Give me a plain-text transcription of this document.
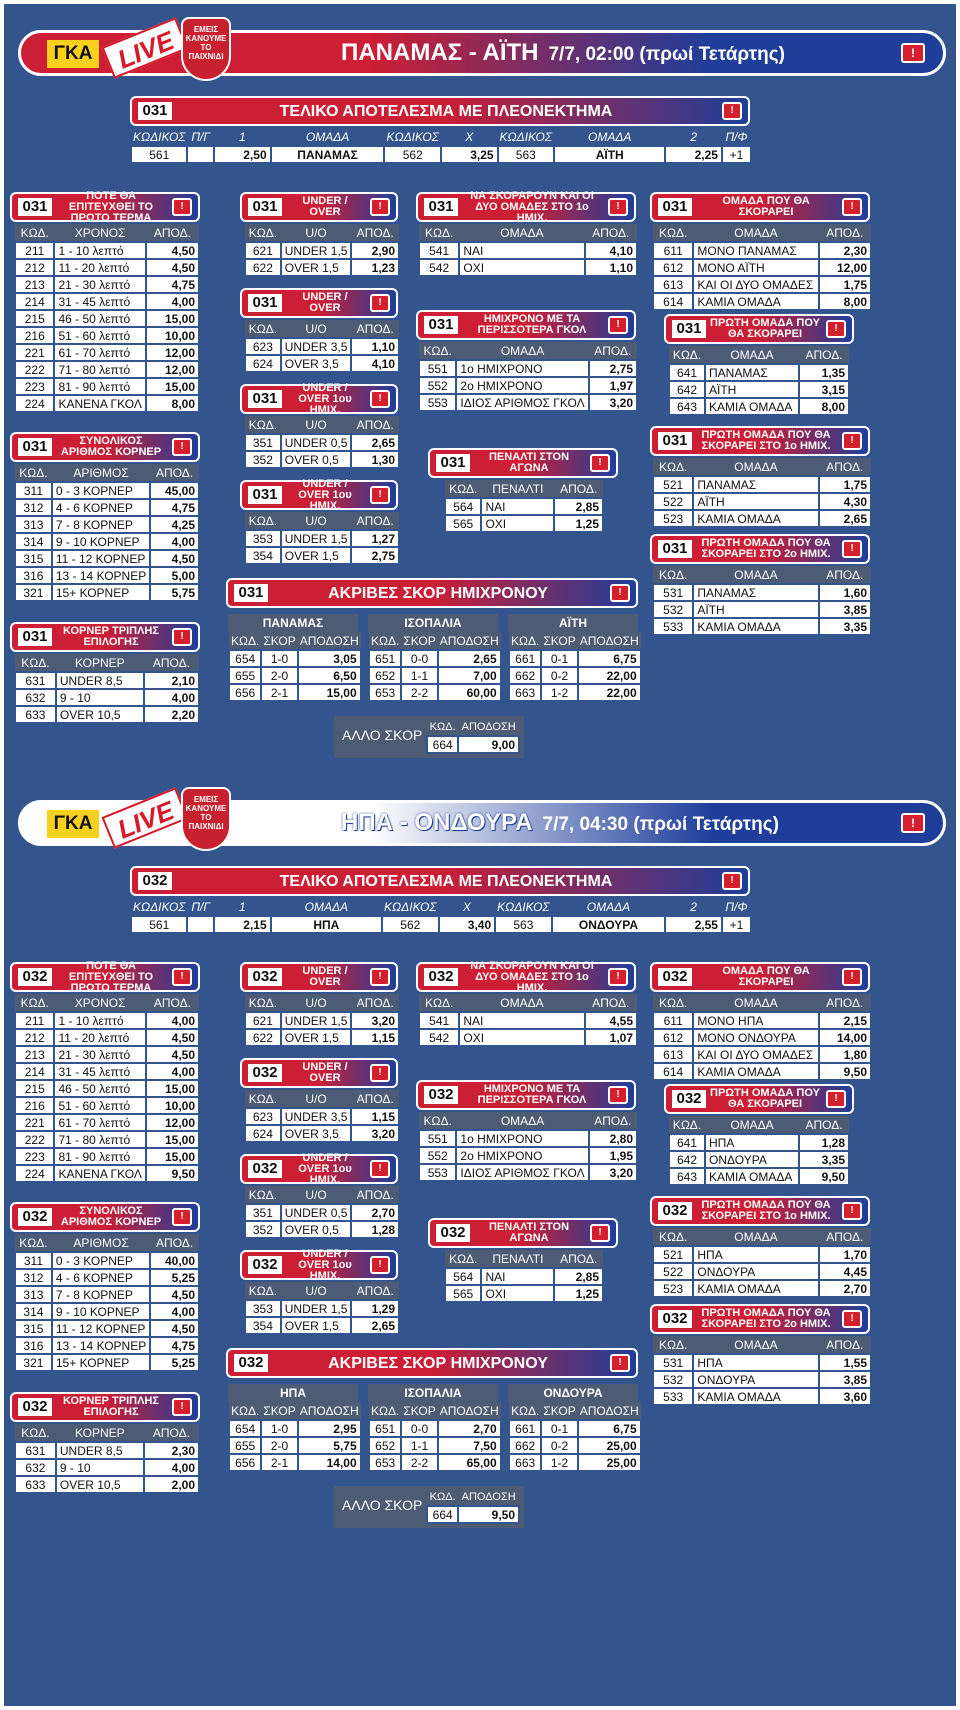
ΓΚΑ LIVE	ΕΜΕΙΣ ΚΑΝΟΥΜΕ ΤΟ ΠΑΙΧΝΙΔΙ	ΠΑΝΑΜΑΣ - ΑΪΤΗ 7/7, 02:00 (πρωί Τετάρτης)	!
031	ΤΕΛΙΚΟ ΑΠΟΤΕΛΕΣΜΑ ΜΕ ΠΛΕΟΝΕΚΤΗΜΑ	!
ΚΩΔΙΚΟΣ	Π/Γ	1	ΟΜΑΔΑ	ΚΩΔΙΚΟΣ	X	ΚΩΔΙΚΟΣ	ΟΜΑΔΑ	2	Π/Φ
561		2,50	ΠΑΝΑΜΑΣ	562	3,25	563	ΑΪΤΗ	2,25	+1
031
ΠΟΤΕ ΘΑ ΕΠΙΤΕΥΧΘΕΙ ΤΟ ΠΡΩΤΟ ΤΕΡΜΑ
!
ΚΩΔ.	ΧΡΟΝΟΣ	ΑΠΟΔ.
211	1 - 10 λεπτό	4,50
212	11 - 20 λεπτό	4,50
213	21 - 30 λεπτό	4,75
214	31 - 45 λεπτό	4,00
215	46 - 50 λεπτό	15,00
216	51 - 60 λεπτό	10,00
221	61 - 70 λεπτό	12,00
222	71 - 80 λεπτό	12,00
223	81 - 90 λεπτό	15,00
224	ΚΑΝΕΝΑ ΓΚΟΛ	8,00
031	ΣΥΝΟΛΙΚΟΣ ΑΡΙΘΜΟΣ ΚΟΡΝΕΡ	!
ΚΩΔ.	ΑΡΙΘΜΟΣ	ΑΠΟΔ.
311	0 - 3 ΚΟΡΝΕΡ	45,00
312	4 - 6 ΚΟΡΝΕΡ	4,75
313	7 - 8 ΚΟΡΝΕΡ	4,25
314	9 - 10 ΚΟΡΝΕΡ	4,00
315	11 - 12 ΚΟΡΝΕΡ	4,50
316	13 - 14 ΚΟΡΝΕΡ	5,00
321	15+ ΚΟΡΝΕΡ	5,75
031	ΚΟΡΝΕΡ ΤΡΙΠΛΗΣ ΕΠΙΛΟΓΗΣ	!
ΚΩΔ.	ΚΟΡΝΕΡ	ΑΠΟΔ.
631	UNDER 8,5	2,10
632	9 - 10	4,00
633	OVER 10,5	2,20
031	UNDER / OVER	!
ΚΩΔ.	U/O	ΑΠΟΔ.
621	UNDER 1,5	2,90
622	OVER 1,5	1,23
031	UNDER / OVER	!
ΚΩΔ.	U/O	ΑΠΟΔ.
623	UNDER 3,5	1,10
624	OVER 3,5	4,10
031
UNDER / OVER 1ου ΗΜΙΧ.
!
ΚΩΔ.	U/O	ΑΠΟΔ.
351	UNDER 0,5	2,65
352	OVER 0,5	1,30
031
UNDER / OVER 1ου ΗΜΙΧ.
!
ΚΩΔ.	U/O	ΑΠΟΔ.
353	UNDER 1,5	1,27
354	OVER 1,5	2,75
031
ΝΑ ΣΚΟΡΑΡΟΥΝ ΚΑΙ ΟΙ ΔΥΟ ΟΜΑΔΕΣ ΣΤΟ 1ο ΗΜΙΧ.
!
ΚΩΔ.	ΟΜΑΔΑ	ΑΠΟΔ.
541	ΝΑΙ	4,10
542	ΟΧΙ	1,10
031	ΗΜΙΧΡΟΝΟ ΜΕ ΤΑ ΠΕΡΙΣΣΟΤΕΡΑ ΓΚΟΛ	!
ΚΩΔ.	ΟΜΑΔΑ	ΑΠΟΔ.
551	1ο ΗΜΙΧΡΟΝΟ	2,75
552	2ο ΗΜΙΧΡΟΝΟ	1,97
553	ΙΔΙΟΣ ΑΡΙΘΜΟΣ ΓΚΟΛ	3,20
031	ΠΕΝΑΛΤΙ ΣΤΟΝ ΑΓΩΝΑ	!
ΚΩΔ.	ΠΕΝΑΛΤΙ	ΑΠΟΔ.
564	ΝΑΙ	2,85
565	ΟΧΙ	1,25
031	ΑΚΡΙΒΕΣ ΣΚΟΡ ΗΜΙΧΡΟΝΟΥ	!
ΠΑΝΑΜΑΣ
ΚΩΔ.	ΣΚΟΡ	ΑΠΟΔΟΣΗ
654	1-0	3,05
655	2-0	6,50
656	2-1	15,00
ΙΣΟΠΑΛΙΑ
ΚΩΔ.	ΣΚΟΡ	ΑΠΟΔΟΣΗ
651	0-0	2,65
652	1-1	7,00
653	2-2	60,00
ΑΪΤΗ
ΚΩΔ.	ΣΚΟΡ	ΑΠΟΔΟΣΗ
661	0-1	6,75
662	0-2	22,00
663	1-2	22,00
ΑΛΛΟ ΣΚΟΡ
ΚΩΔ.	ΑΠΟΔΟΣΗ
664	9,00
031	ΟΜΑΔΑ ΠΟΥ ΘΑ ΣΚΟΡΑΡΕΙ	!
ΚΩΔ.	ΟΜΑΔΑ	ΑΠΟΔ.
611	ΜΟΝΟ ΠΑΝΑΜΑΣ	2,30
612	ΜΟΝΟ ΑΪΤΗ	12,00
613	ΚΑΙ ΟΙ ΔΥΟ ΟΜΑΔΕΣ	1,75
614	ΚΑΜΙΑ ΟΜΑΔΑ	8,00
031 ΠΡΩΤΗ ΟΜΑΔΑ ΠΟΥ ΘΑ ΣΚΟΡΑΡΕΙ	!
ΚΩΔ.	ΟΜΑΔΑ	ΑΠΟΔ.
641	ΠΑΝΑΜΑΣ	1,35
642	ΑΪΤΗ	3,15
643	ΚΑΜΙΑ ΟΜΑΔΑ	8,00
031	ΠΡΩΤΗ ΟΜΑΔΑ ΠΟΥ ΘΑ ΣΚΟΡΑΡΕΙ ΣΤΟ 1ο ΗΜΙΧ.	!
ΚΩΔ.	ΟΜΑΔΑ	ΑΠΟΔ.
521	ΠΑΝΑΜΑΣ	1,75
522	ΑΪΤΗ	4,30
523	ΚΑΜΙΑ ΟΜΑΔΑ	2,65
031	ΠΡΩΤΗ ΟΜΑΔΑ ΠΟΥ ΘΑ ΣΚΟΡΑΡΕΙ ΣΤΟ 2ο ΗΜΙΧ.	!
ΚΩΔ.	ΟΜΑΔΑ	ΑΠΟΔ.
531	ΠΑΝΑΜΑΣ	1,60
532	ΑΪΤΗ	3,85
533	ΚΑΜΙΑ ΟΜΑΔΑ	3,35
ΓΚΑ LIVE	ΕΜΕΙΣ ΚΑΝΟΥΜΕ ΤΟ ΠΑΙΧΝΙΔΙ	ΗΠΑ - ΟΝΔΟΥΡΑ 7/7, 04:30 (πρωί Τετάρτης)	!
032	ΤΕΛΙΚΟ ΑΠΟΤΕΛΕΣΜΑ ΜΕ ΠΛΕΟΝΕΚΤΗΜΑ	!
ΚΩΔΙΚΟΣ	Π/Γ	1	ΟΜΑΔΑ	ΚΩΔΙΚΟΣ	X	ΚΩΔΙΚΟΣ	ΟΜΑΔΑ	2	Π/Φ
561		2,15	ΗΠΑ	562	3,40	563	ΟΝΔΟΥΡΑ	2,55	+1
032
ΠΟΤΕ ΘΑ ΕΠΙΤΕΥΧΘΕΙ ΤΟ ΠΡΩΤΟ ΤΕΡΜΑ
!
ΚΩΔ.	ΧΡΟΝΟΣ	ΑΠΟΔ.
211	1 - 10 λεπτό	4,00
212	11 - 20 λεπτό	4,50
213	21 - 30 λεπτό	4,50
214	31 - 45 λεπτό	4,00
215	46 - 50 λεπτό	15,00
216	51 - 60 λεπτό	10,00
221	61 - 70 λεπτό	12,00
222	71 - 80 λεπτό	15,00
223	81 - 90 λεπτό	15,00
224	ΚΑΝΕΝΑ ΓΚΟΛ	9,50
032	ΣΥΝΟΛΙΚΟΣ ΑΡΙΘΜΟΣ ΚΟΡΝΕΡ	!
ΚΩΔ.	ΑΡΙΘΜΟΣ	ΑΠΟΔ.
311	0 - 3 ΚΟΡΝΕΡ	40,00
312	4 - 6 ΚΟΡΝΕΡ	5,25
313	7 - 8 ΚΟΡΝΕΡ	4,50
314	9 - 10 ΚΟΡΝΕΡ	4,00
315	11 - 12 ΚΟΡΝΕΡ	4,50
316	13 - 14 ΚΟΡΝΕΡ	4,75
321	15+ ΚΟΡΝΕΡ	5,25
032	ΚΟΡΝΕΡ ΤΡΙΠΛΗΣ ΕΠΙΛΟΓΗΣ	!
ΚΩΔ.	ΚΟΡΝΕΡ	ΑΠΟΔ.
631	UNDER 8,5	2,30
632	9 - 10	4,00
633	OVER 10,5	2,00
032	UNDER / OVER	!
ΚΩΔ.	U/O	ΑΠΟΔ.
621	UNDER 1,5	3,20
622	OVER 1,5	1,15
032	UNDER / OVER	!
ΚΩΔ.	U/O	ΑΠΟΔ.
623	UNDER 3,5	1,15
624	OVER 3,5	3,20
032
UNDER / OVER 1ου ΗΜΙΧ.
!
ΚΩΔ.	U/O	ΑΠΟΔ.
351	UNDER 0,5	2,70
352	OVER 0,5	1,28
032
UNDER / OVER 1ου ΗΜΙΧ.
!
ΚΩΔ.	U/O	ΑΠΟΔ.
353	UNDER 1,5	1,29
354	OVER 1,5	2,65
032
ΝΑ ΣΚΟΡΑΡΟΥΝ ΚΑΙ ΟΙ ΔΥΟ ΟΜΑΔΕΣ ΣΤΟ 1ο ΗΜΙΧ.
!
ΚΩΔ.	ΟΜΑΔΑ	ΑΠΟΔ.
541	ΝΑΙ	4,55
542	ΟΧΙ	1,07
032	ΗΜΙΧΡΟΝΟ ΜΕ ΤΑ ΠΕΡΙΣΣΟΤΕΡΑ ΓΚΟΛ	!
ΚΩΔ.	ΟΜΑΔΑ	ΑΠΟΔ.
551	1ο ΗΜΙΧΡΟΝΟ	2,80
552	2ο ΗΜΙΧΡΟΝΟ	1,95
553	ΙΔΙΟΣ ΑΡΙΘΜΟΣ ΓΚΟΛ	3,20
032	ΠΕΝΑΛΤΙ ΣΤΟΝ ΑΓΩΝΑ	!
ΚΩΔ.	ΠΕΝΑΛΤΙ	ΑΠΟΔ.
564	ΝΑΙ	2,85
565	ΟΧΙ	1,25
032	ΑΚΡΙΒΕΣ ΣΚΟΡ ΗΜΙΧΡΟΝΟΥ	!
ΗΠΑ
ΚΩΔ.	ΣΚΟΡ	ΑΠΟΔΟΣΗ
654	1-0	2,95
655	2-0	5,75
656	2-1	14,00
ΙΣΟΠΑΛΙΑ
ΚΩΔ.	ΣΚΟΡ	ΑΠΟΔΟΣΗ
651	0-0	2,70
652	1-1	7,50
653	2-2	65,00
ΟΝΔΟΥΡΑ
ΚΩΔ.	ΣΚΟΡ	ΑΠΟΔΟΣΗ
661	0-1	6,75
662	0-2	25,00
663	1-2	25,00
ΑΛΛΟ ΣΚΟΡ
ΚΩΔ.	ΑΠΟΔΟΣΗ
664	9,50
032	ΟΜΑΔΑ ΠΟΥ ΘΑ ΣΚΟΡΑΡΕΙ	!
ΚΩΔ.	ΟΜΑΔΑ	ΑΠΟΔ.
611	ΜΟΝΟ ΗΠΑ	2,15
612	ΜΟΝΟ ΟΝΔΟΥΡΑ	14,00
613	ΚΑΙ ΟΙ ΔΥΟ ΟΜΑΔΕΣ	1,80
614	ΚΑΜΙΑ ΟΜΑΔΑ	9,50
032 ΠΡΩΤΗ ΟΜΑΔΑ ΠΟΥ ΘΑ ΣΚΟΡΑΡΕΙ	!
ΚΩΔ.	ΟΜΑΔΑ	ΑΠΟΔ.
641	ΗΠΑ	1,28
642	ΟΝΔΟΥΡΑ	3,35
643	ΚΑΜΙΑ ΟΜΑΔΑ	9,50
032	ΠΡΩΤΗ ΟΜΑΔΑ ΠΟΥ ΘΑ ΣΚΟΡΑΡΕΙ ΣΤΟ 1ο ΗΜΙΧ.	!
ΚΩΔ.	ΟΜΑΔΑ	ΑΠΟΔ.
521	ΗΠΑ	1,70
522	ΟΝΔΟΥΡΑ	4,45
523	ΚΑΜΙΑ ΟΜΑΔΑ	2,70
032	ΠΡΩΤΗ ΟΜΑΔΑ ΠΟΥ ΘΑ ΣΚΟΡΑΡΕΙ ΣΤΟ 2ο ΗΜΙΧ.	!
ΚΩΔ.	ΟΜΑΔΑ	ΑΠΟΔ.
531	ΗΠΑ	1,55
532	ΟΝΔΟΥΡΑ	3,85
533	ΚΑΜΙΑ ΟΜΑΔΑ	3,60
